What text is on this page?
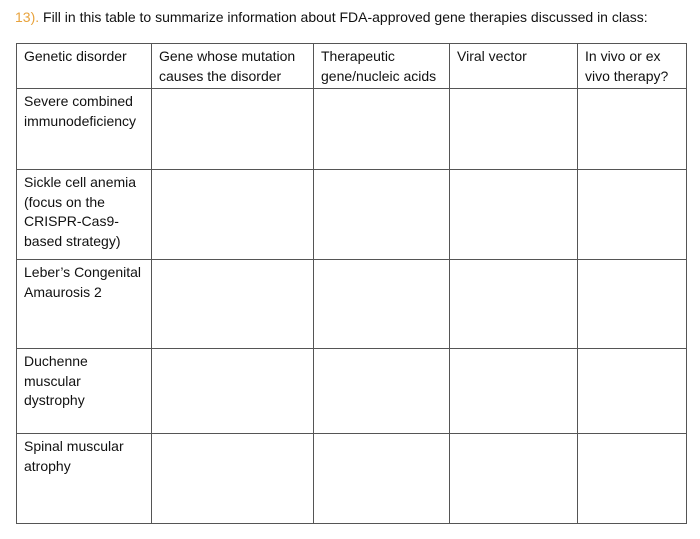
13). Fill in this table to summarize information about FDA-approved gene therapies discussed in class:
Genetic disorder	Gene whose mutation causes the disorder	Therapeutic gene/nucleic acids	Viral vector	In vivo or ex vivo therapy?
Severe combined immunodeficiency				
Sickle cell anemia (focus on the CRISPR-Cas9-based strategy)				
Leber’s Congenital Amaurosis 2				
Duchenne muscular dystrophy				
Spinal muscular atrophy				
